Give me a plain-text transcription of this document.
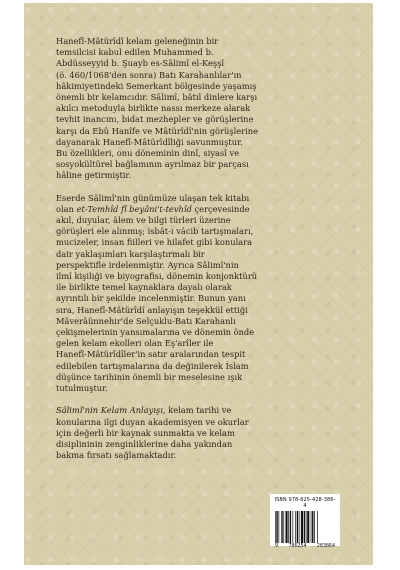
Hanefî-Mâtürîdî kelam geleneğinin bir
temsilcisi kabul edilen Muhammed b.
Abdüsseyyid b. Şuayb es-Sâlimî el-Keşşî
(ö. 460/1068'den sonra) Batı Karahanlılar'ın
hâkimiyetindeki Semerkant bölgesinde yaşamış
önemli bir kelamcıdır. Sâlimî, bâtıl dinlere karşı
akılcı metoduyla birlikte nassı merkeze alarak
tevhit inancını, bidat mezhepler ve görüşlerine
karşı da Ebû Hanîfe ve Mâtürîdî'nin görüşlerine
dayanarak Hanefî-Mâtürîdîliği savunmuştur.
Bu özellikleri, onu döneminin dinî, siyasî ve
sosyokültürel bağlamının ayrılmaz bir parçası
hâline getirmiştir.

Eserde Sâlimî'nin günümüze ulaşan tek kitabı
olan et-Temhîd fî beyâni't-tevhîd çerçevesinde
akıl, duyular, âlem ve bilgi türleri üzerine
görüşleri ele alınmış; isbât-ı vâcib tartışmaları,
mucizeler, insan fiilleri ve hilafet gibi konulara
dair yaklaşımları karşılaştırmalı bir
perspektifle irdelenmiştir. Ayrıca Sâlimî'nin
ilmî kişiliği ve biyografisi, dönemin konjonktürü
ile birlikte temel kaynaklara dayalı olarak
ayrıntılı bir şekilde incelenmiştir. Bunun yanı
sıra, Hanefî-Mâtürîdî anlayışın teşekkül ettiği
Mâverâünnehir'de Selçuklu-Batı Karahanlı
çekişmelerinin yansımalarına ve dönemin önde
gelen kelam ekolleri olan Eş'arîler ile
Hanefî-Mâtürîdîler'in satır aralarından tespit
edilebilen tartışmalarına da değinilerek İslam
düşünce tarihinin önemli bir meselesine ışık
tutulmuştur.

Sâlimî'nin Kelam Anlayışı, kelam tarihi ve
konularına ilgi duyan akademisyen ve okurlar
için değerli bir kaynak sunmakta ve kelam
disiplininin zenginliklerine daha yakından
bakma fırsatı sağlamaktadır.

ISBN 978-625-428-386-4
9 786254 283864
